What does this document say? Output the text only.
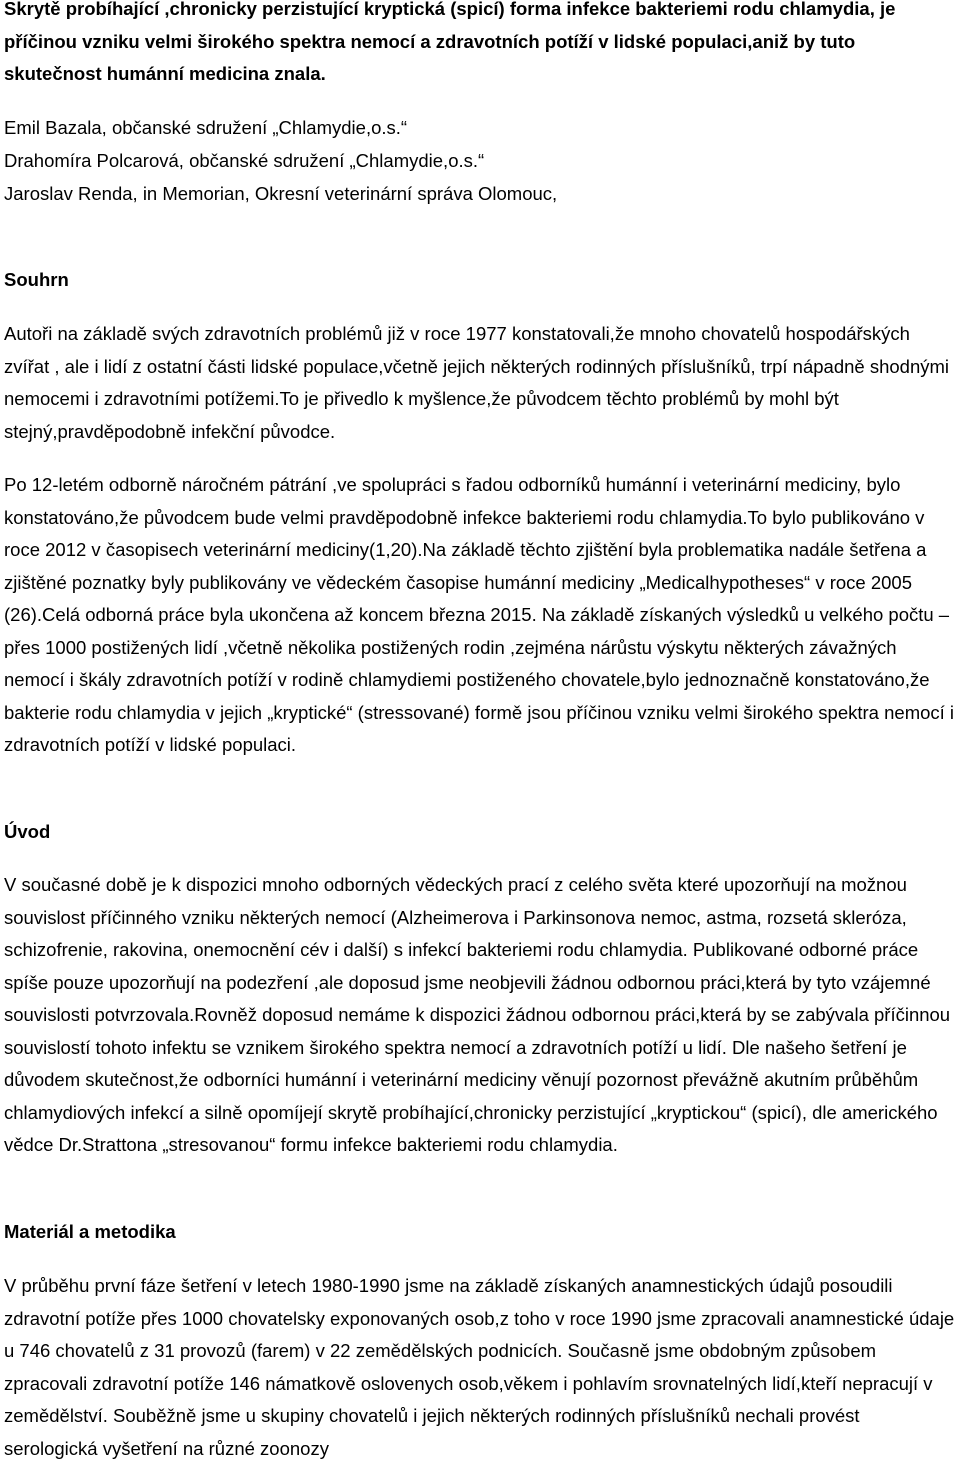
Skrytě probíhající ,chronicky perzistující kryptická (spicí) forma infekce bakteriemi rodu chlamydia, je příčinou vzniku velmi širokého spektra nemocí a zdravotních potíží v lidské populaci,aniž by tuto skutečnost humánní medicina znala.
Emil Bazala, občanské sdružení „Chlamydie,o.s.“
Drahomíra Polcarová, občanské sdružení „Chlamydie,o.s.“
Jaroslav Renda, in Memorian, Okresní veterinární správa Olomouc,
Souhrn
Autoři na základě svých zdravotních problémů již v roce 1977 konstatovali,že mnoho chovatelů hospodářských zvířat , ale i lidí z ostatní části lidské populace,včetně jejich některých rodinných příslušníků, trpí nápadně shodnými nemocemi i zdravotními potížemi.To je přivedlo k myšlence,že původcem těchto problémů by mohl být stejný,pravděpodobně infekční původce.
Po 12-letém odborně náročném pátrání ,ve spolupráci s řadou odborníků humánní i veterinární mediciny, bylo konstatováno,že původcem bude velmi pravděpodobně infekce bakteriemi rodu chlamydia.To bylo publikováno v roce 2012 v časopisech veterinární mediciny(1,20).Na základě těchto zjištění byla problematika nadále šetřena a zjištěné poznatky byly publikovány ve vědeckém časopise humánní mediciny „Medicalhypotheses“ v roce 2005 (26).Celá odborná práce byla ukončena až koncem března 2015. Na základě získaných výsledků u velkého počtu –přes 1000 postižených lidí ,včetně několika postižených rodin ,zejména nárůstu výskytu některých závažných nemocí i škály zdravotních potíží v rodině chlamydiemi postiženého chovatele,bylo jednoznačně konstatováno,že bakterie rodu chlamydia v jejich „kryptické“ (stressované) formě jsou příčinou vzniku velmi širokého spektra nemocí i zdravotních potíží v lidské populaci.
Úvod
V současné době je k dispozici mnoho odborných vědeckých prací z celého světa které upozorňují na možnou souvislost příčinného vzniku některých nemocí (Alzheimerova i Parkinsonova nemoc, astma, rozsetá skleróza, schizofrenie, rakovina, onemocnění cév i další) s infekcí bakteriemi rodu chlamydia. Publikované odborné práce spíše pouze upozorňují na podezření ,ale doposud jsme neobjevili žádnou odbornou práci,která by tyto vzájemné souvislosti potvrzovala.Rovněž doposud nemáme k dispozici žádnou odbornou práci,která by se zabývala příčinnou souvislostí tohoto infektu se vznikem širokého spektra nemocí a zdravotních potíží u lidí. Dle našeho šetření je důvodem skutečnost,že odborníci humánní i veterinární mediciny věnují pozornost převážně akutním průběhům chlamydiových infekcí a silně opomíjejí skrytě probíhající,chronicky perzistující „kryptickou“ (spicí), dle amerického vědce Dr.Strattona „stresovanou“ formu infekce bakteriemi rodu chlamydia.
Materiál a metodika
V průběhu první fáze šetření v letech 1980-1990 jsme na základě získaných anamnestických údajů posoudili zdravotní potíže přes 1000 chovatelsky exponovaných osob,z toho v roce 1990 jsme zpracovali anamnestické údaje u 746 chovatelů z 31 provozů (farem) v 22 zemědělských podnicích. Současně jsme obdobným způsobem zpracovali zdravotní potíže 146 námatkově oslovenych osob,věkem i pohlavím srovnatelných lidí,kteří nepracují v zemědělství. Souběžně jsme u skupiny chovatelů i jejich některých rodinných příslušníků nechali provést serologická vyšetření na různé zoonozy
